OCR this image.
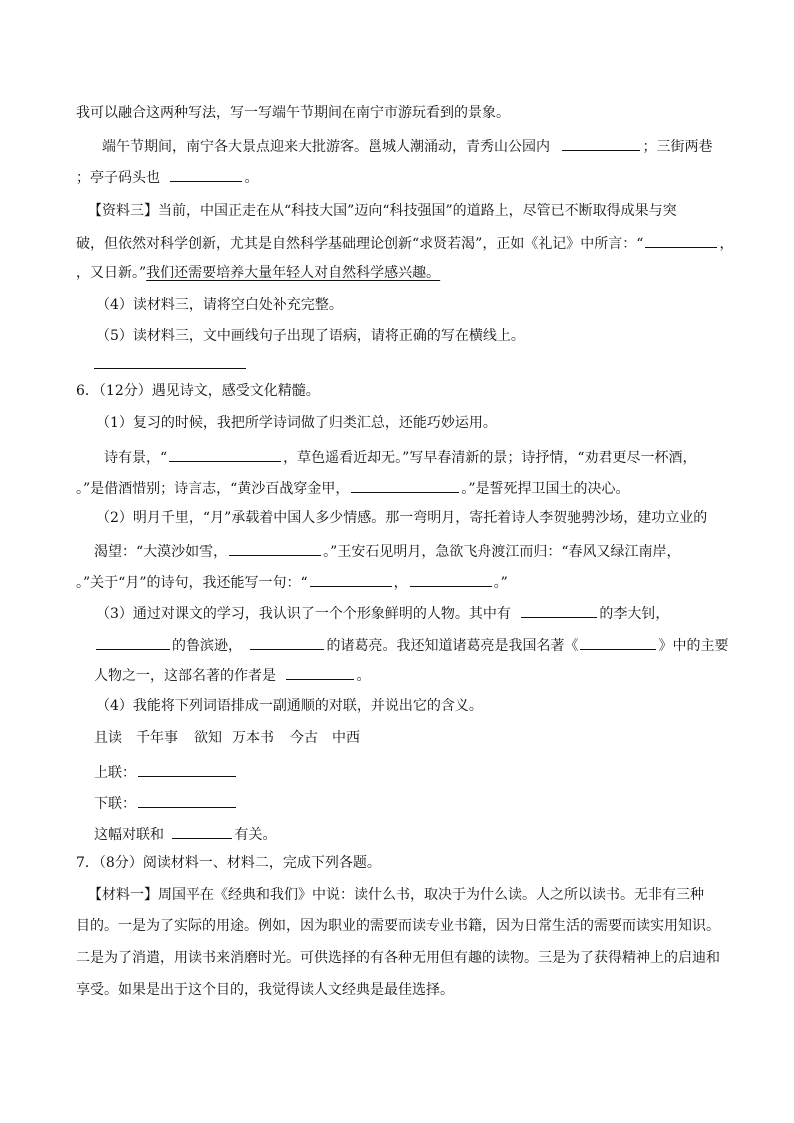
我可以融合这两种写法，写一写端午节期间在南宁市游玩看到的景象。
端午节期间，南宁各大景点迎来大批游客。邕城人潮涌动，青秀山公园内	；三街两巷
；亭子码头也	。
【资料三】当前，中国正走在从“科技大国”迈向“科技强国”的道路上，尽管已不断取得成果与突
破，但依然对科学创新，尤其是自然科学基础理论创新“求贤若渴”，正如《礼记》中所言：“	，
，又日新。”我们还需要培养大量年轻人对自然科学感兴趣。
（4）读材料三，请将空白处补充完整。
（5）读材料三，文中画线句子出现了语病，请将正确的写在横线上。
6．（12分）遇见诗文，感受文化精髓。
（1）复习的时候，我把所学诗词做了归类汇总，还能巧妙运用。
诗有景，“	，草色遥看近却无。”写早春清新的景；诗抒情，“劝君更尽一杯酒，
。”是借酒惜别；诗言志，“黄沙百战穿金甲，	。”是誓死捍卫国土的决心。
（2）明月千里，“月”承载着中国人多少情感。那一弯明月，寄托着诗人李贺驰骋沙场，建功立业的
渴望：“大漠沙如雪，	。”王安石见明月，急欲飞舟渡江而归：“春风又绿江南岸，
。”关于“月”的诗句，我还能写一句：“	，	。”
（3）通过对课文的学习，我认识了一个个形象鲜明的人物。其中有	的李大钊，
的鲁滨逊，	的诸葛亮。我还知道诸葛亮是我国名著《	》中的主要
人物之一，这部名著的作者是	。
（4）我能将下列词语排成一副通顺的对联，并说出它的含义。
且读 千年事 欲知 万本书 今古 中西
上联：
下联：
这幅对联和	有关。
7．（8分）阅读材料一、材料二，完成下列各题。
【材料一】周国平在《经典和我们》中说：读什么书，取决于为什么读。人之所以读书。无非有三种
目的。一是为了实际的用途。例如，因为职业的需要而读专业书籍，因为日常生活的需要而读实用知识。
二是为了消遣，用读书来消磨时光。可供选择的有各种无用但有趣的读物。三是为了获得精神上的启迪和
享受。如果是出于这个目的，我觉得读人文经典是最佳选择。
